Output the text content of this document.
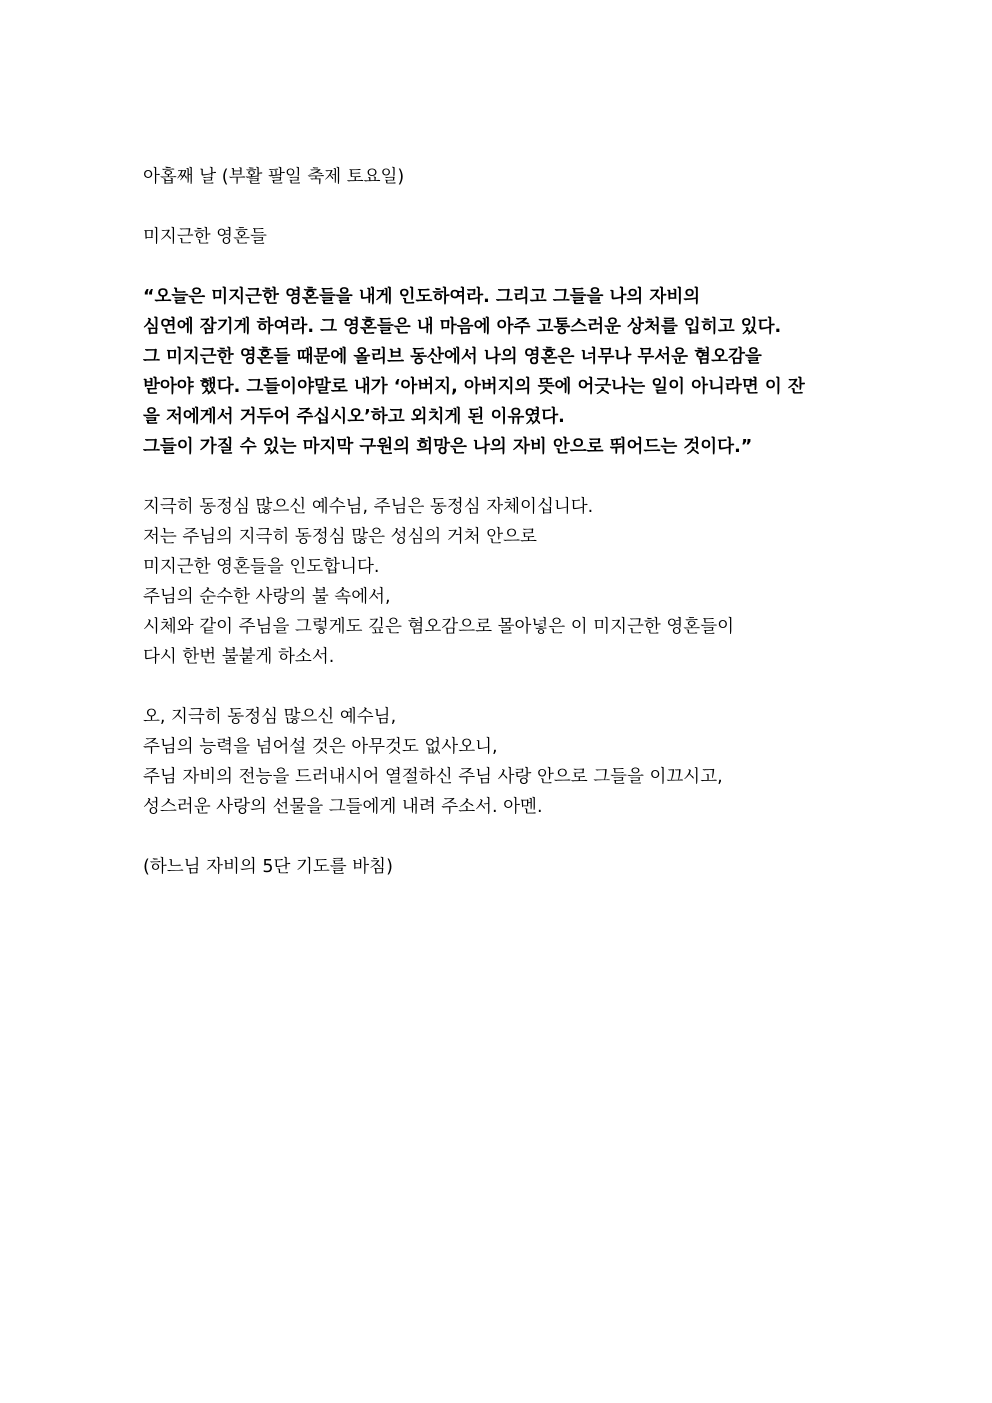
아홉째 날 (부활 팔일 축제 토요일)
미지근한 영혼들
“오늘은 미지근한 영혼들을 내게 인도하여라. 그리고 그들을 나의 자비의
심연에 잠기게 하여라. 그 영혼들은 내 마음에 아주 고통스러운 상처를 입히고 있다.
그 미지근한 영혼들 때문에 올리브 동산에서 나의 영혼은 너무나 무서운 혐오감을
받아야 했다. 그들이야말로 내가 ‘아버지, 아버지의 뜻에 어긋나는 일이 아니라면 이 잔
을 저에게서 거두어 주십시오’하고 외치게 된 이유였다.
그들이 가질 수 있는 마지막 구원의 희망은 나의 자비 안으로 뛰어드는 것이다.”
지극히 동정심 많으신 예수님, 주님은 동정심 자체이십니다.
저는 주님의 지극히 동정심 많은 성심의 거처 안으로
미지근한 영혼들을 인도합니다.
주님의 순수한 사랑의 불 속에서,
시체와 같이 주님을 그렇게도 깊은 혐오감으로 몰아넣은 이 미지근한 영혼들이
다시 한번 불붙게 하소서.
오, 지극히 동정심 많으신 예수님,
주님의 능력을 넘어설 것은 아무것도 없사오니,
주님 자비의 전능을 드러내시어 열절하신 주님 사랑 안으로 그들을 이끄시고,
성스러운 사랑의 선물을 그들에게 내려 주소서. 아멘.
(하느님 자비의 5단 기도를 바침)
